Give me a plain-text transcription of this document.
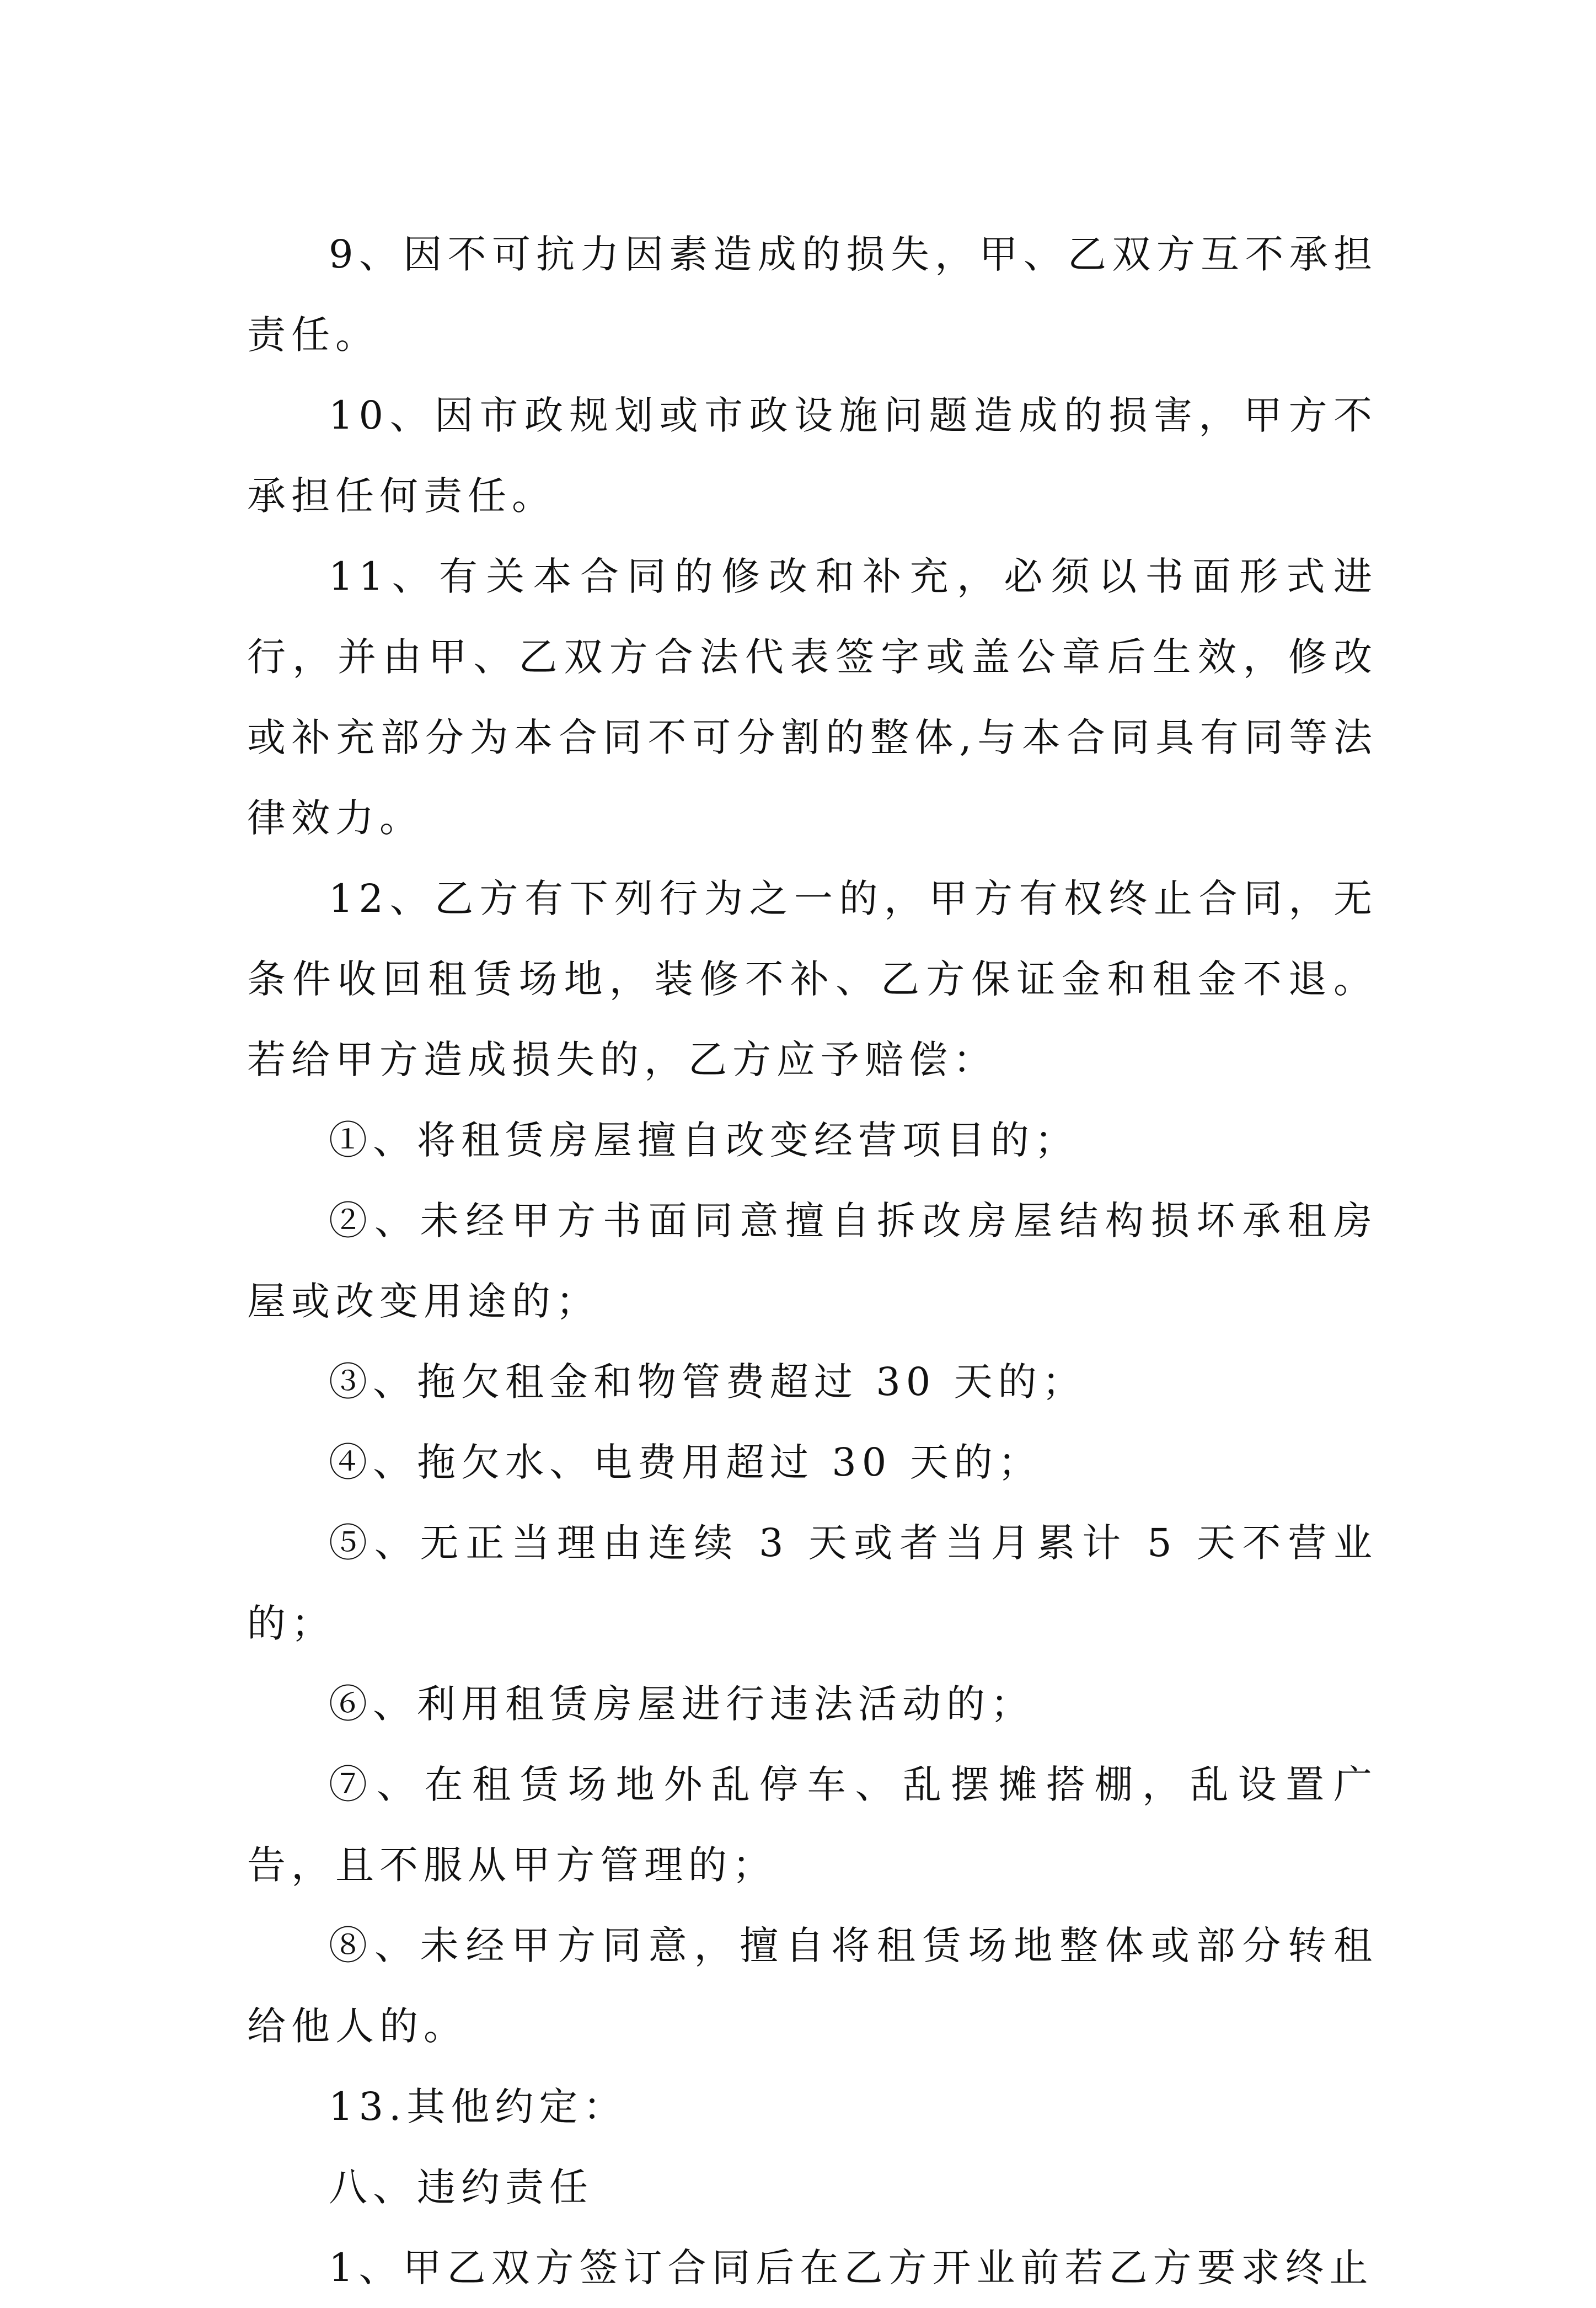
9、因不可抗力因素造成的损失，甲、乙双方互不承担责任。

10、因市政规划或市政设施问题造成的损害，甲方不承担任何责任。

11、有关本合同的修改和补充，必须以书面形式进行，并由甲、乙双方合法代表签字或盖公章后生效，修改或补充部分为本合同不可分割的整体,与本合同具有同等法律效力。

12、乙方有下列行为之一的，甲方有权终止合同，无条件收回租赁场地，装修不补、乙方保证金和租金不退。若给甲方造成损失的，乙方应予赔偿：

①、将租赁房屋擅自改变经营项目的；

②、未经甲方书面同意擅自拆改房屋结构损坏承租房屋或改变用途的；

③、拖欠租金和物管费超过 30 天的；

④、拖欠水、电费用超过 30 天的；

⑤、无正当理由连续 3 天或者当月累计 5 天不营业的；

⑥、利用租赁房屋进行违法活动的；

⑦、在租赁场地外乱停车、乱摆摊搭棚，乱设置广告，且不服从甲方管理的；

⑧、未经甲方同意，擅自将租赁场地整体或部分转租给他人的。

13.其他约定：

八、违约责任

1、甲乙双方签订合同后在乙方开业前若乙方要求终止
